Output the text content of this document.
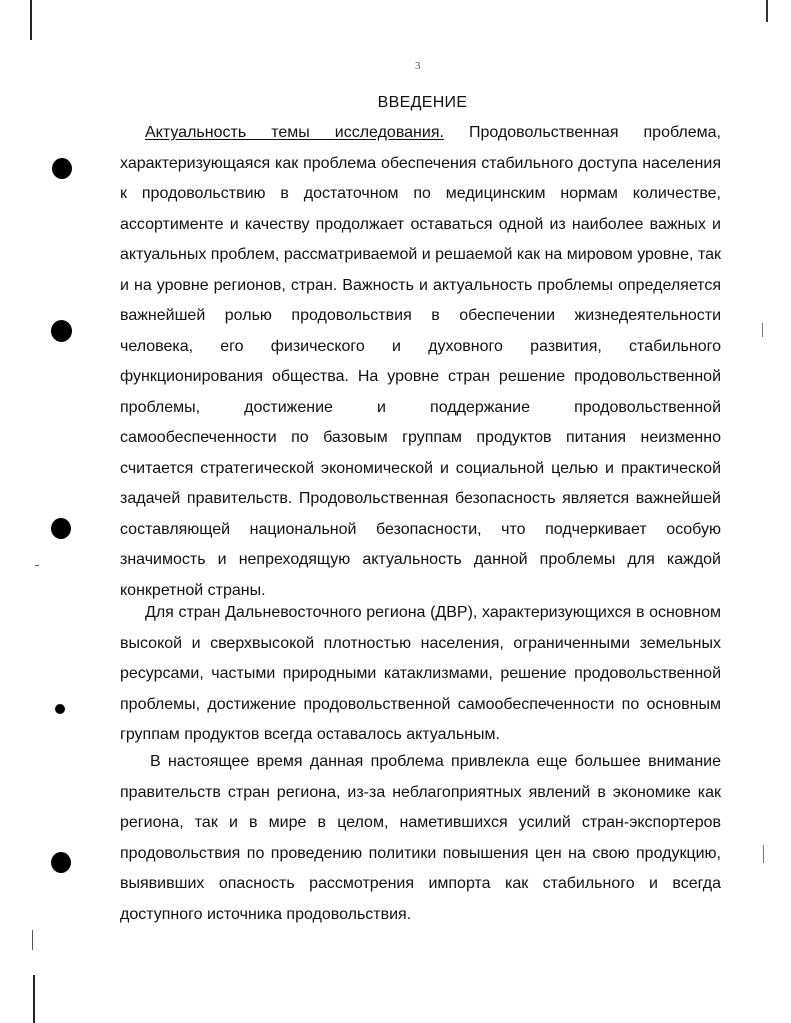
3
ВВЕДЕНИЕ

Актуальность темы исследования. Продовольственная проблема, характеризующаяся как проблема обеспечения стабильного доступа населения к продовольствию в достаточном по медицинским нормам количестве, ассортименте и качеству продолжает оставаться одной из наиболее важных и актуальных проблем, рассматриваемой и решаемой как на мировом уровне, так и на уровне регионов, стран. Важность и актуальность проблемы определяется важнейшей ролью продовольствия в обеспечении жизнедеятельности человека, его физического и духовного развития, стабильного функционирования общества. На уровне стран решение продовольственной проблемы, достижение и поддержание продовольственной самообеспеченности по базовым группам продуктов питания неизменно считается стратегической экономической и социальной целью и практической задачей правительств. Продовольственная безопасность является важнейшей составляющей национальной безопасности, что подчеркивает особую значимость и непреходящую актуальность данной проблемы для каждой конкретной страны.

Для стран Дальневосточного региона (ДВР), характеризующихся в основном высокой и сверхвысокой плотностью населения, ограниченными земельных ресурсами, частыми природными катаклизмами, решение продовольственной проблемы, достижение продовольственной самообеспеченности по основным группам продуктов всегда оставалось актуальным.

В настоящее время данная проблема привлекла еще большее внимание правительств стран региона, из-за неблагоприятных явлений в экономике как региона, так и в мире в целом, наметившихся усилий стран-экспортеров продовольствия по проведению политики повышения цен на свою продукцию, выявивших опасность рассмотрения импорта как стабильного и всегда доступного источника продовольствия.
